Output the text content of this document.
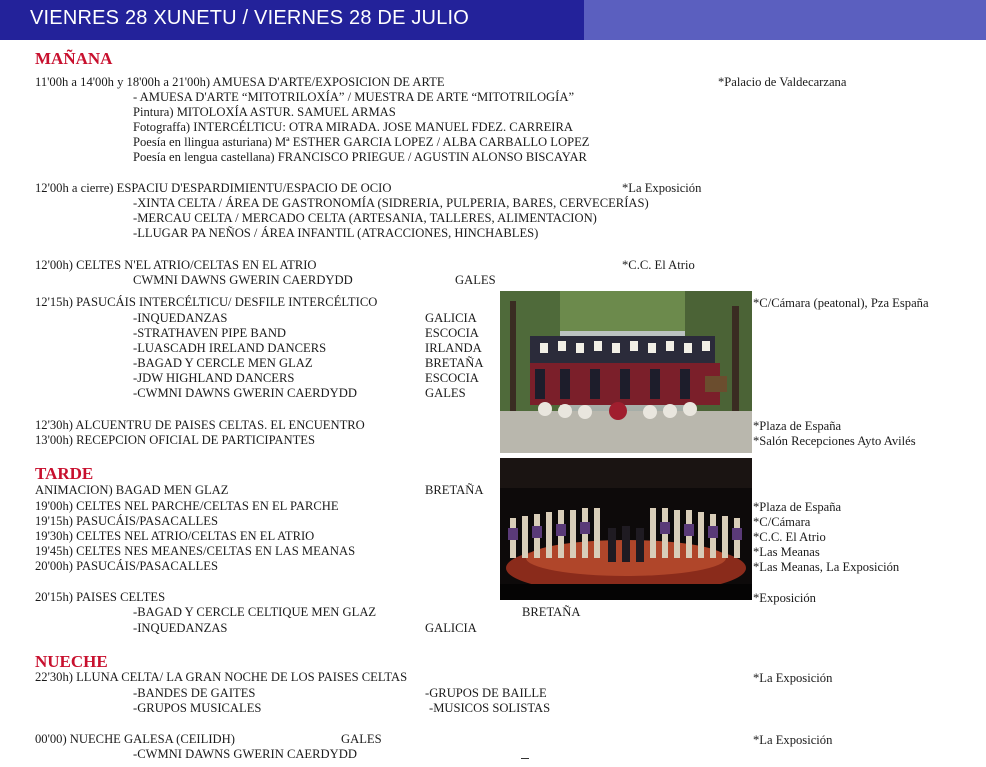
VIENRES 28 XUNETU / VIERNES 28 DE JULIO
MAÑANA
11'00h a 14'00h y 18'00h a 21'00h) AMUESA D'ARTE/EXPOSICION DE ARTE	*Palacio de Valdecarzana
- AMUESA D'ARTE “MITOTRILOXÍA” / MUESTRA DE ARTE “MITOTRILOGÍA”
Pintura) MITOLOXÍA ASTUR. SAMUEL ARMAS
Fotograffa) INTERCÉLTICU: OTRA MIRADA. JOSE MANUEL FDEZ. CARREIRA
Poesía en llingua asturiana) Mª ESTHER GARCIA LOPEZ / ALBA CARBALLO LOPEZ
Poesía en lengua castellana) FRANCISCO PRIEGUE / AGUSTIN ALONSO BISCAYAR
12'00h a cierre) ESPACIU D'ESPARDIMIENTU/ESPACIO DE OCIO	*La Exposición
-XINTA CELTA / ÁREA DE GASTRONOMÍA (SIDRERIA, PULPERIA, BARES, CERVECERÍAS)
-MERCAU CELTA / MERCADO CELTA (ARTESANIA, TALLERES, ALIMENTACION)
-LLUGAR PA NEÑOS / ÁREA INFANTIL (ATRACCIONES, HINCHABLES)
12'00h) CELTES N'EL ATRIO/CELTAS EN EL ATRIO	*C.C. El Atrio
CWMNI DAWNS GWERIN CAERDYDD	GALES
12'15h) PASUCÁIS INTERCÉLTICU/ DESFILE INTERCÉLTICO	*C/Cámara (peatonal), Pza España
-INQUEDANZAS	GALICIA
-STRATHAVEN PIPE BAND	ESCOCIA
-LUASCADH IRELAND DANCERS	IRLANDA
-BAGAD Y CERCLE MEN GLAZ	BRETAÑA
-JDW HIGHLAND DANCERS	ESCOCIA
-CWMNI DAWNS GWERIN CAERDYDD	GALES
12'30h) ALCUENTRU DE PAISES CELTAS. EL ENCUENTRO	*Plaza de España
13'00h) RECEPCION OFICIAL DE PARTICIPANTES	*Salón Recepciones Ayto Avilés
TARDE
ANIMACION) BAGAD MEN GLAZ	BRETAÑA
19'00h) CELTES NEL PARCHE/CELTAS EN EL PARCHE	*Plaza de España
19'15h) PASUCÁIS/PASACALLES	*C/Cámara
19'30h) CELTES NEL ATRIO/CELTAS EN EL ATRIO	*C.C. El Atrio
19'45h) CELTES NES MEANES/CELTAS EN LAS MEANAS	*Las Meanas
20'00h) PASUCÁIS/PASACALLES	*Las Meanas, La Exposición
20'15h) PAISES CELTES	*Exposición
-BAGAD Y CERCLE CELTIQUE MEN GLAZ	BRETAÑA
-INQUEDANZAS	GALICIA
NUECHE
22'30h) LLUNA CELTA/ LA GRAN NOCHE DE LOS PAISES CELTAS	*La Exposición
-BANDES DE GAITES	-GRUPOS DE BAILLE
-GRUPOS MUSICALES	-MUSICOS SOLISTAS
00'00) NUECHE GALESA (CEILIDH)	GALES	*La Exposición
-CWMNI DAWNS GWERIN CAERDYDD
